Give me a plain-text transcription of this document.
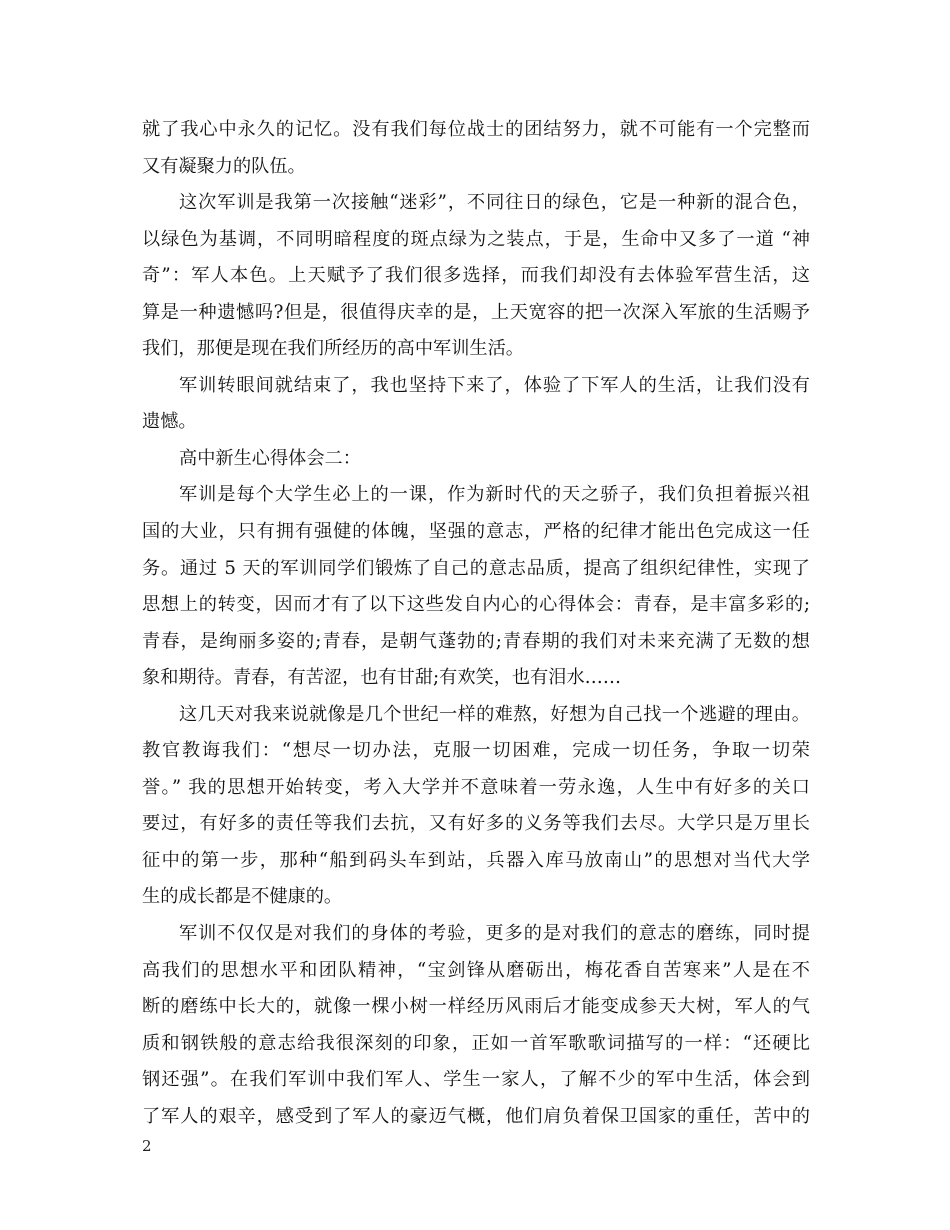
就了我心中永久的记忆。没有我们每位战士的团结努力，就不可能有一个完整而
又有凝聚力的队伍。
这次军训是我第一次接触“迷彩”，不同往日的绿色，它是一种新的混合色，
以绿色为基调，不同明暗程度的斑点绿为之装点，于是，生命中又多了一道 “神
奇”：军人本色。上天赋予了我们很多选择，而我们却没有去体验军营生活，这
算是一种遗憾吗?但是，很值得庆幸的是，上天宽容的把一次深入军旅的生活赐予
我们，那便是现在我们所经历的高中军训生活。
军训转眼间就结束了，我也坚持下来了，体验了下军人的生活，让我们没有
遗憾。
高中新生心得体会二：
军训是每个大学生必上的一课，作为新时代的天之骄子，我们负担着振兴祖
国的大业，只有拥有强健的体魄，坚强的意志，严格的纪律才能出色完成这一任
务。通过 5 天的军训同学们锻炼了自己的意志品质，提高了组织纪律性，实现了
思想上的转变，因而才有了以下这些发自内心的心得体会：青春，是丰富多彩的;
青春，是绚丽多姿的;青春，是朝气蓬勃的;青春期的我们对未来充满了无数的想
象和期待。青春，有苦涩，也有甘甜;有欢笑，也有泪水……
这几天对我来说就像是几个世纪一样的难熬，好想为自己找一个逃避的理由。
教官教诲我们：“想尽一切办法，克服一切困难，完成一切任务，争取一切荣
誉。” 我的思想开始转变，考入大学并不意味着一劳永逸，人生中有好多的关口
要过，有好多的责任等我们去抗，又有好多的义务等我们去尽。大学只是万里长
征中的第一步，那种“船到码头车到站，兵器入库马放南山”的思想对当代大学
生的成长都是不健康的。
军训不仅仅是对我们的身体的考验，更多的是对我们的意志的磨练，同时提
高我们的思想水平和团队精神，“宝剑锋从磨砺出，梅花香自苦寒来”人是在不
断的磨练中长大的，就像一棵小树一样经历风雨后才能变成参天大树，军人的气
质和钢铁般的意志给我很深刻的印象，正如一首军歌歌词描写的一样：“还硬比
钢还强”。在我们军训中我们军人、学生一家人，了解不少的军中生活，体会到
了军人的艰辛，感受到了军人的豪迈气概，他们肩负着保卫国家的重任，苦中的
2
